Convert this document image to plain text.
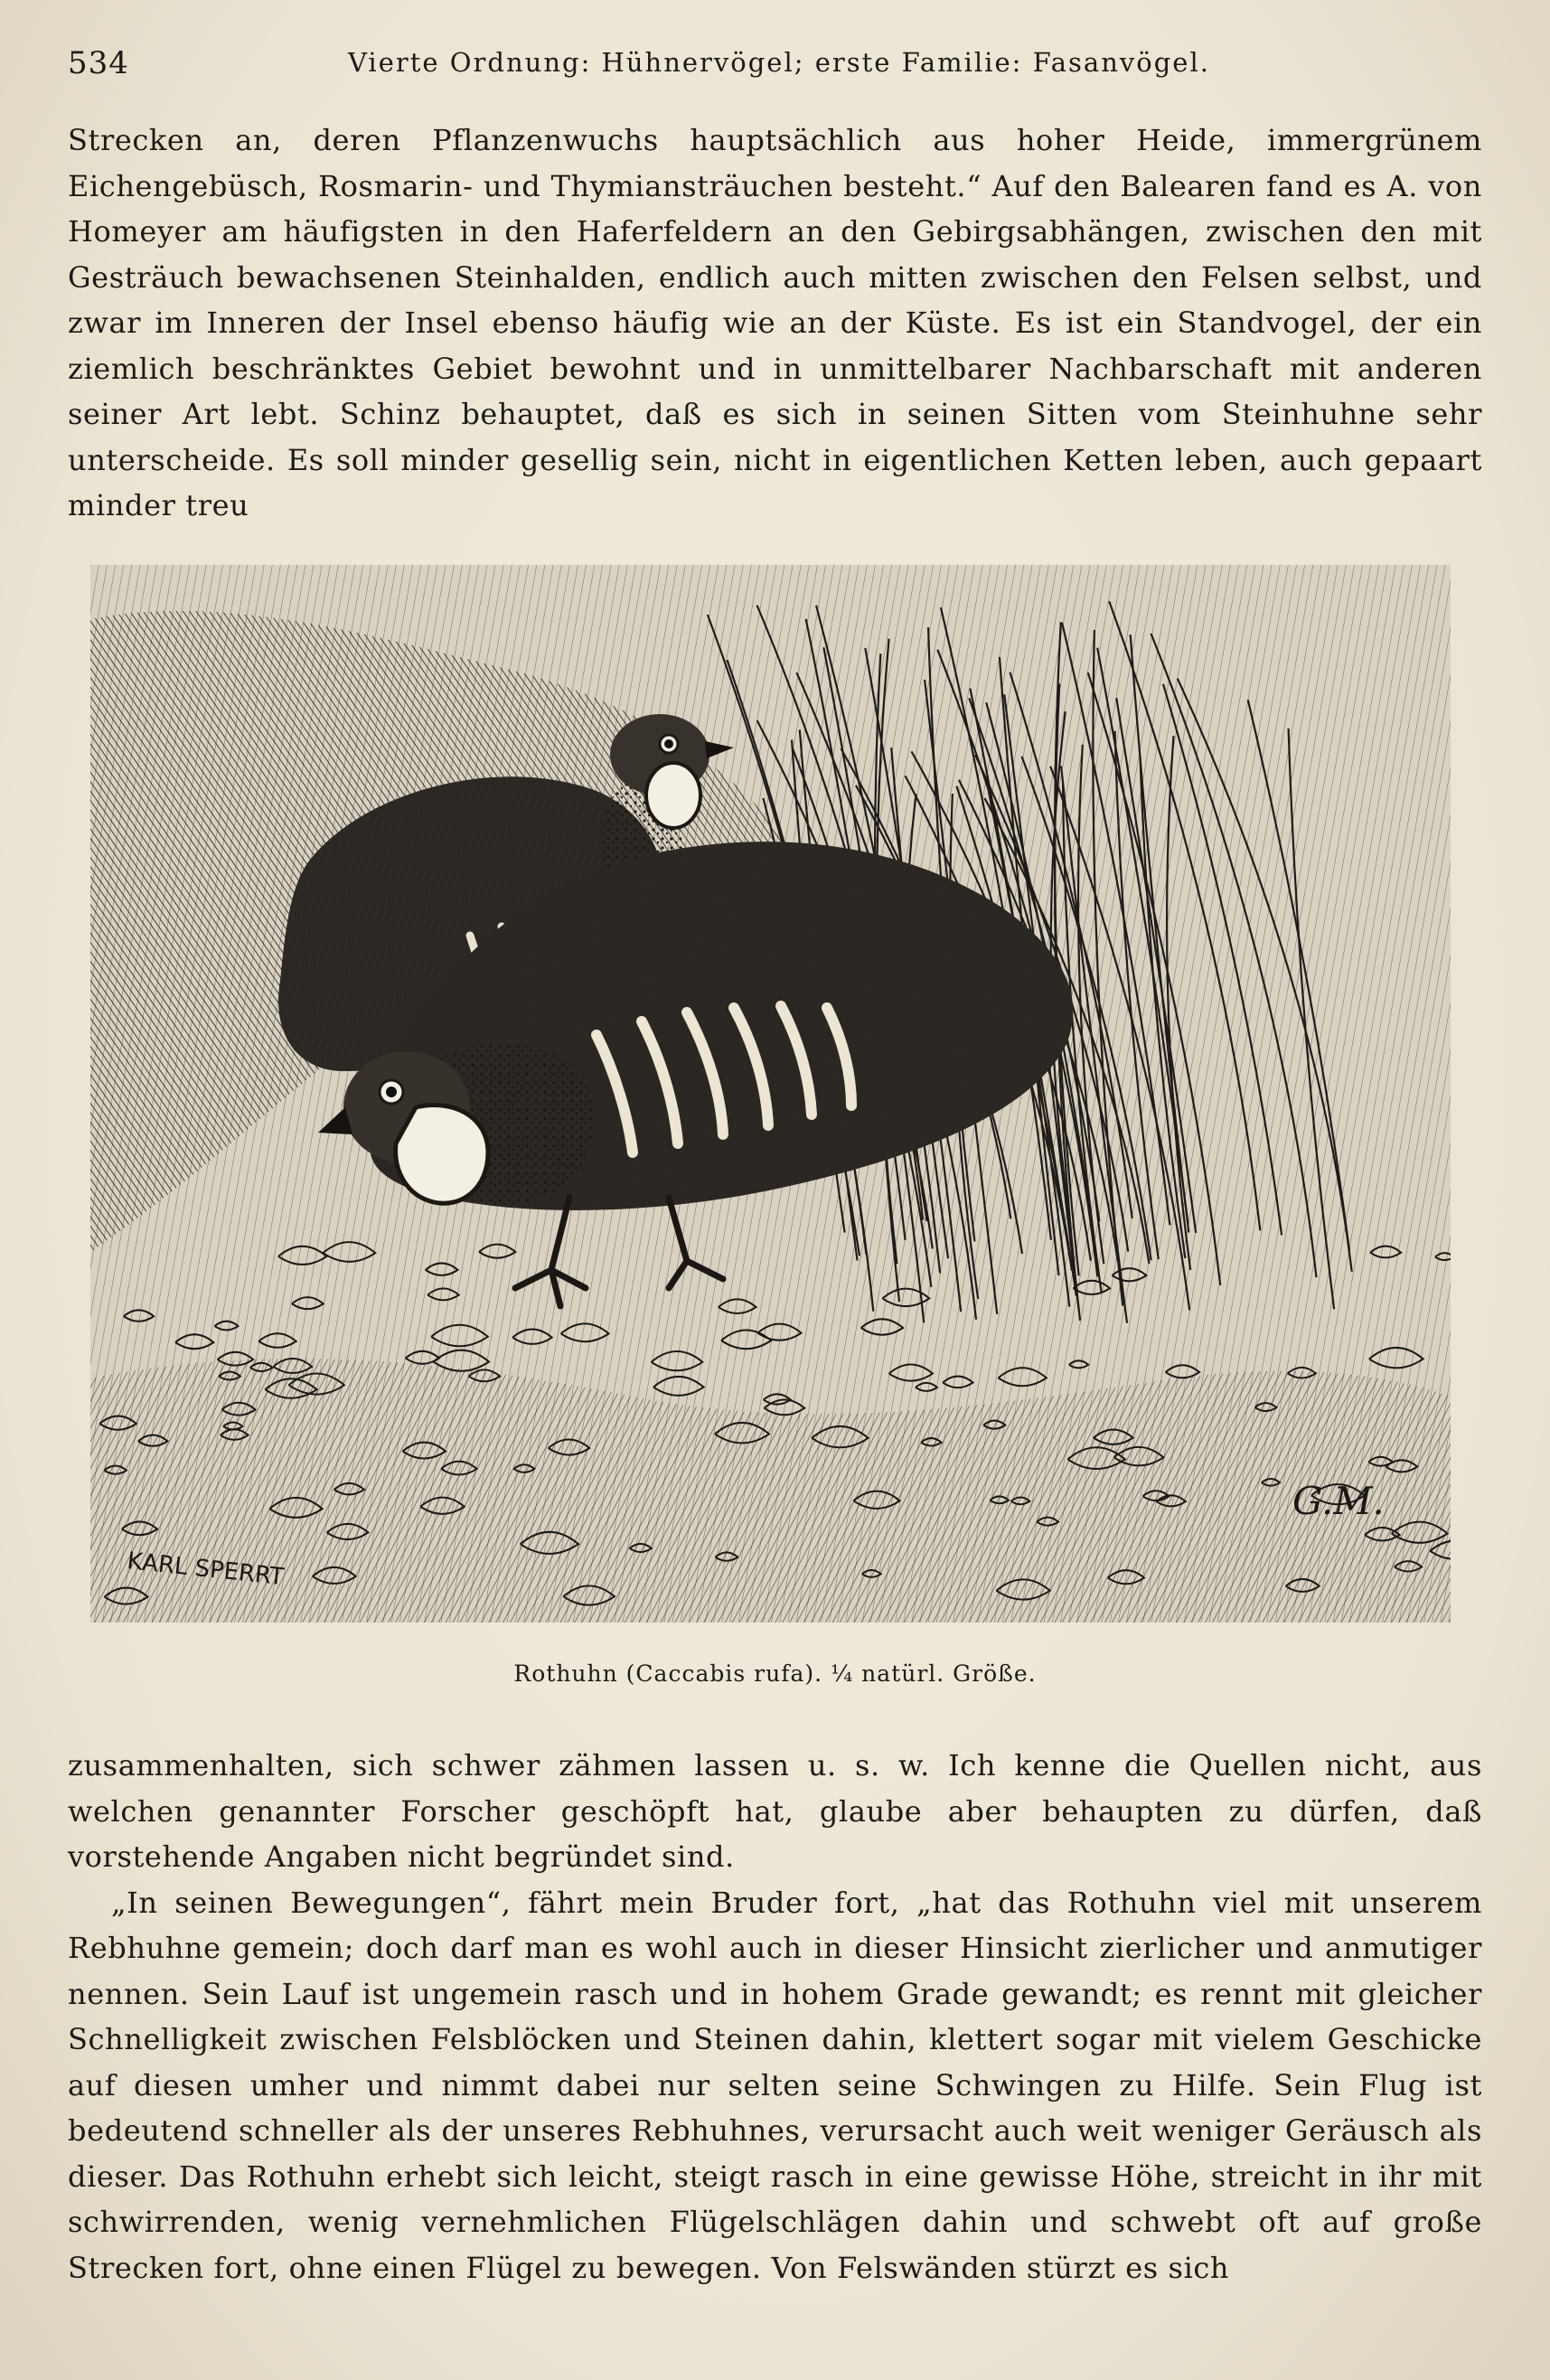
534	Vierte Ordnung: Hühnervögel; erste Familie: Fasanvögel.

Strecken an, deren Pflanzenwuchs hauptsächlich aus hoher Heide, immergrünem Eichengebüsch, Rosmarin- und Thymiansträuchen besteht.“ Auf den Balearen fand es A. von Homeyer am häufigsten in den Haferfeldern an den Gebirgsabhängen, zwischen den mit Gesträuch bewachsenen Steinhalden, endlich auch mitten zwischen den Felsen selbst, und zwar im Inneren der Insel ebenso häufig wie an der Küste. Es ist ein Standvogel, der ein ziemlich beschränktes Gebiet bewohnt und in unmittelbarer Nachbarschaft mit anderen seiner Art lebt. Schinz behauptet, daß es sich in seinen Sitten vom Steinhuhne sehr unterscheide. Es soll minder gesellig sein, nicht in eigentlichen Ketten leben, auch gepaart minder treu

KARL SPERRT
G.M.
Rothuhn (Caccabis rufa). ¼ natürl. Größe.

zusammenhalten, sich schwer zähmen lassen u. s. w. Ich kenne die Quellen nicht, aus welchen genannter Forscher geschöpft hat, glaube aber behaupten zu dürfen, daß vorstehende Angaben nicht begründet sind.

„In seinen Bewegungen“, fährt mein Bruder fort, „hat das Rothuhn viel mit unserem Rebhuhne gemein; doch darf man es wohl auch in dieser Hinsicht zierlicher und anmutiger nennen. Sein Lauf ist ungemein rasch und in hohem Grade gewandt; es rennt mit gleicher Schnelligkeit zwischen Felsblöcken und Steinen dahin, klettert sogar mit vielem Geschicke auf diesen umher und nimmt dabei nur selten seine Schwingen zu Hilfe. Sein Flug ist bedeutend schneller als der unseres Rebhuhnes, verursacht auch weit weniger Geräusch als dieser. Das Rothuhn erhebt sich leicht, steigt rasch in eine gewisse Höhe, streicht in ihr mit schwirrenden, wenig vernehmlichen Flügelschlägen dahin und schwebt oft auf große Strecken fort, ohne einen Flügel zu bewegen. Von Felswänden stürzt es sich
